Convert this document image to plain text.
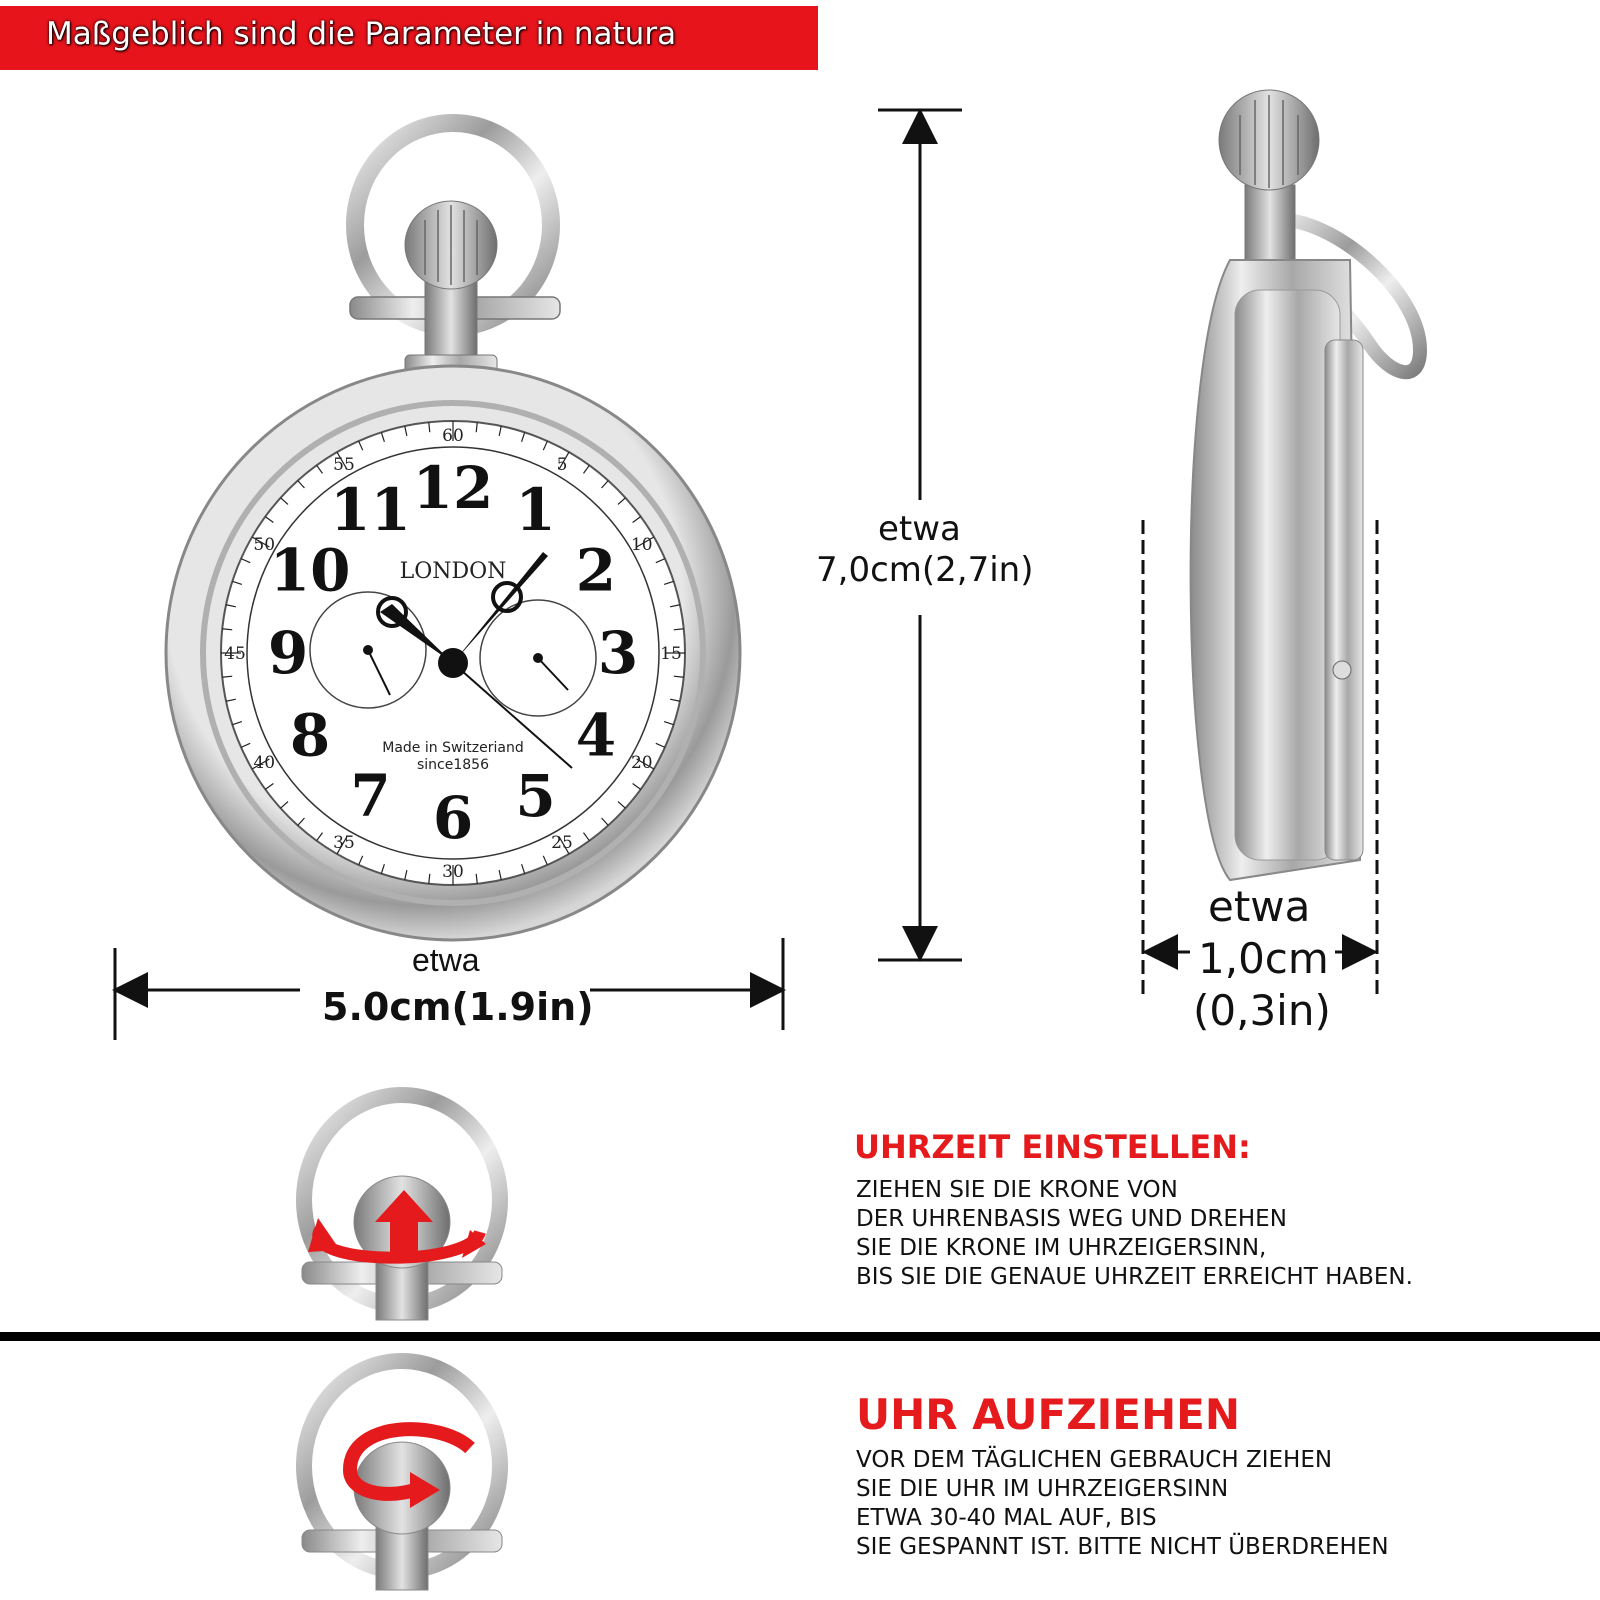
Maßgeblich sind die Parameter in natura
60
5
10
15
20
25
30
35
40
45
50
55 12 1
2
3
4
5
6
7
8
9
10
11
LONDON
Made in Switzeriand
since1856
etwa
5.0cm(1.9in)
etwa
7,0cm(2,7in)
etwa
1,0cm
(0,3in)
UHRZEIT EINSTELLEN:
ZIEHEN SIE DIE KRONE VON
DER UHRENBASIS WEG UND DREHEN
SIE DIE KRONE IM UHRZEIGERSINN,
BIS SIE DIE GENAUE UHRZEIT ERREICHT HABEN.
UHR AUFZIEHEN
VOR DEM TÄGLICHEN GEBRAUCH ZIEHEN
SIE DIE UHR IM UHRZEIGERSINN
ETWA 30-40 MAL AUF, BIS
SIE GESPANNT IST. BITTE NICHT ÜBERDREHEN
